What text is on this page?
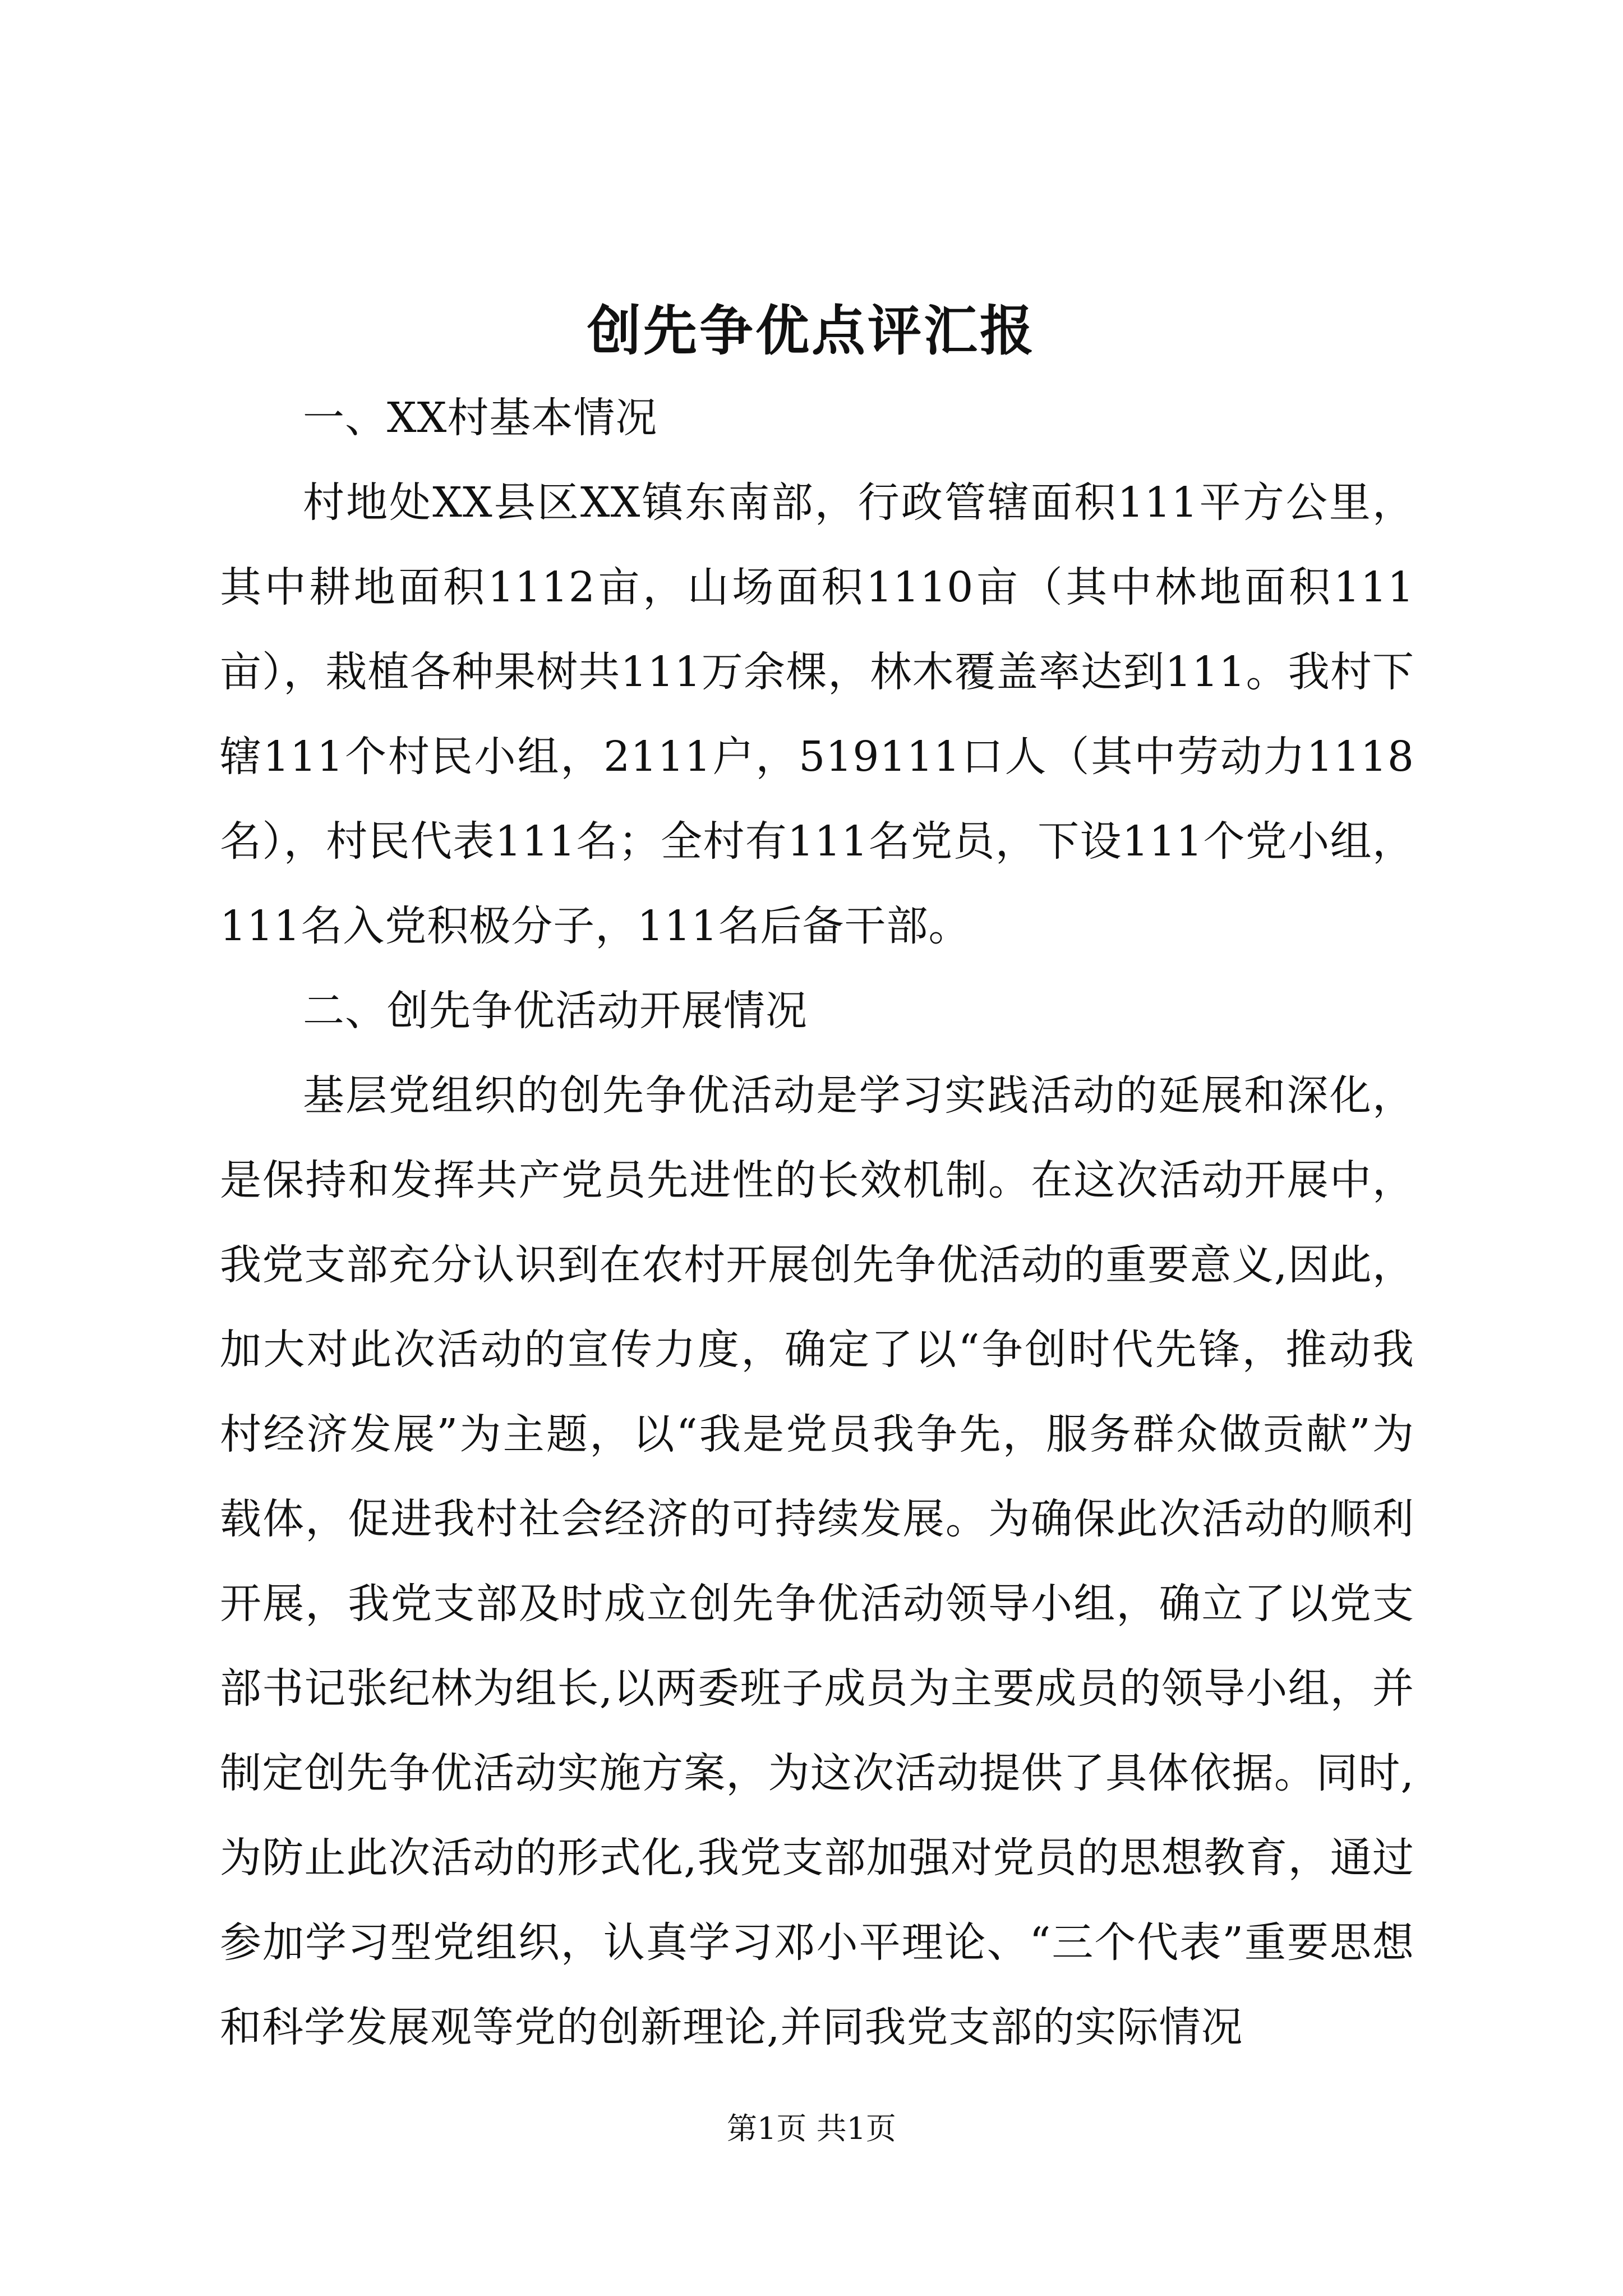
创先争优点评汇报

一、XX村基本情况

村地处XX县区XX镇东南部，行政管辖面积111平方公里，其中耕地面积1112亩，山场面积1110亩（其中林地面积111亩），栽植各种果树共111万余棵，林木覆盖率达到111。我村下辖111个村民小组，2111户，519111口人（其中劳动力1118名），村民代表111名；全村有111名党员，下设111个党小组，111名入党积极分子，111名后备干部。

二、创先争优活动开展情况

基层党组织的创先争优活动是学习实践活动的延展和深化，是保持和发挥共产党员先进性的长效机制。在这次活动开展中，我党支部充分认识到在农村开展创先争优活动的重要意义,因此，加大对此次活动的宣传力度，确定了以“争创时代先锋，推动我村经济发展”为主题，以“我是党员我争先，服务群众做贡献”为载体，促进我村社会经济的可持续发展。为确保此次活动的顺利开展，我党支部及时成立创先争优活动领导小组，确立了以党支部书记张纪林为组长,以两委班子成员为主要成员的领导小组，并制定创先争优活动实施方案，为这次活动提供了具体依据。同时,为防止此次活动的形式化,我党支部加强对党员的思想教育，通过参加学习型党组织，认真学习邓小平理论、“三个代表”重要思想和科学发展观等党的创新理论,并同我党支部的实际情况

第1页 共1页
